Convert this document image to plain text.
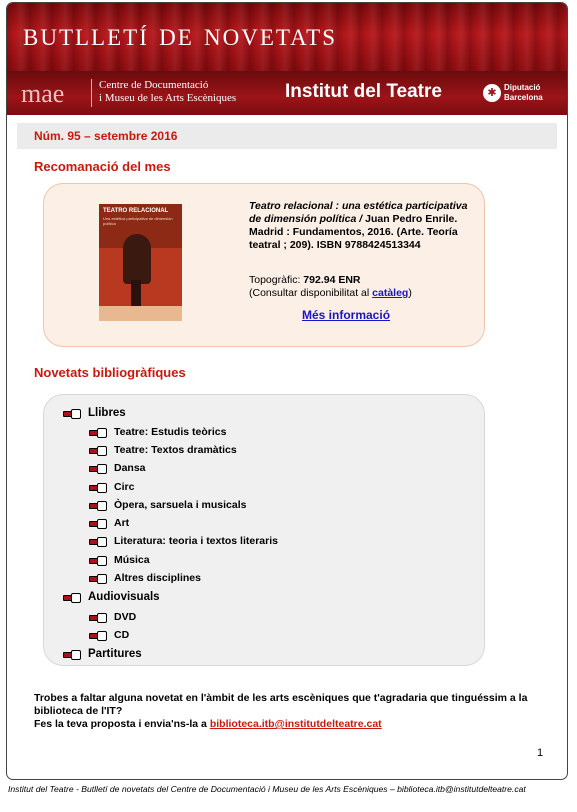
butlletí de novetats
mae	Centre de Documentació
i Museu de les Arts Escèniques	Institut del Teatre	✱ Diputació
Barcelona
Núm. 95 – setembre 2016
Recomanació del mes
TEATRO RELACIONAL
Una estética participativa de dimensión política
Teatro relacional : una estética participativa de dimensión política / Juan Pedro Enrile. Madrid : Fundamentos, 2016. (Arte. Teoría teatral ; 209). ISBN 9788424513344
Topogràfic: 792.94 ENR
(Consultar disponibilitat al catàleg)
Més informació
Novetats bibliogràfiques
Llibres
Teatre: Estudis teòrics
Teatre: Textos dramàtics
Dansa
Circ
Òpera, sarsuela i musicals
Art
Literatura: teoria i textos literaris
Música
Altres disciplines
Audiovisuals
DVD
CD
Partitures
Trobes a faltar alguna novetat en l'àmbit de les arts escèniques que t'agradaria que tinguéssim a la biblioteca de l'IT?
Fes la teva proposta i envia'ns-la a biblioteca.itb@institutdelteatre.cat
1
Institut del Teatre - Butlletí de novetats del Centre de Documentació i Museu de les Arts Escèniques – biblioteca.itb@institutdelteatre.cat
